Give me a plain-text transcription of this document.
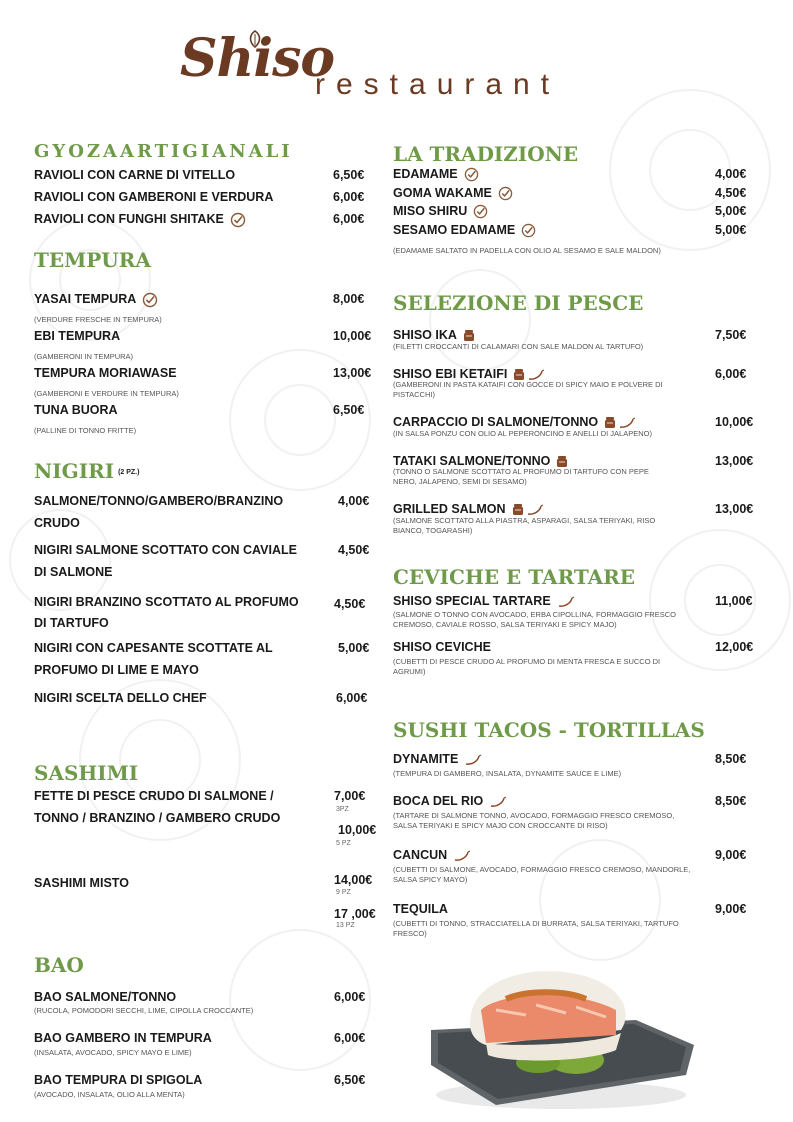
Shiso
restaurant
GYOZAARTIGIANALI
RAVIOLI CON CARNE DI VITELLO	6,50€
RAVIOLI CON GAMBERONI E VERDURA	6,00€
RAVIOLI CON FUNGHI SHITAKE	6,00€
TEMPURA
YASAI TEMPURA	8,00€
(VERDURE FRESCHE IN TEMPURA)
EBI TEMPURA	10,00€
(GAMBERONI IN TEMPURA)
TEMPURA MORIAWASE	13,00€
(GAMBERONI E VERDURE IN TEMPURA)
TUNA BUORA	6,50€
(PALLINE DI TONNO FRITTE)
NIGIRI (2 PZ.)
SALMONE/TONNO/GAMBERO/BRANZINO
CRUDO
4,00€
NIGIRI SALMONE SCOTTATO CON CAVIALE
DI SALMONE
4,50€
NIGIRI BRANZINO SCOTTATO AL PROFUMO
DI TARTUFO
4,50€
NIGIRI CON CAPESANTE SCOTTATE AL
PROFUMO DI LIME E MAYO
5,00€
NIGIRI SCELTA DELLO CHEF	6,00€
SASHIMI
FETTE DI PESCE CRUDO DI SALMONE /
TONNO / BRANZINO / GAMBERO CRUDO
7,00€
3PZ
10,00€
5 PZ
SASHIMI MISTO	14,00€
9 PZ
17 ,00€
13 PZ
BAO
BAO SALMONE/TONNO	6,00€
(RUCOLA, POMODORI SECCHI, LIME, CIPOLLA CROCCANTE)
BAO GAMBERO IN TEMPURA	6,00€
(INSALATA, AVOCADO, SPICY MAYO E LIME)
BAO TEMPURA DI SPIGOLA	6,50€
(AVOCADO, INSALATA, OLIO ALLA MENTA)
LA TRADIZIONE
EDAMAME	4,00€
GOMA WAKAME	4,50€
MISO SHIRU	5,00€
SESAMO EDAMAME	5,00€
(EDAMAME SALTATO IN PADELLA CON OLIO AL SESAMO E SALE MALDON)
SELEZIONE DI PESCE
SHISO IKA	7,50€
(FILETTI CROCCANTI DI CALAMARI CON SALE MALDON AL TARTUFO)
SHISO EBI KETAIFI	6,00€
(GAMBERONI IN PASTA KATAIFI CON GOCCE DI SPICY MAIO E POLVERE DI PISTACCHI)
CARPACCIO DI SALMONE/TONNO	10,00€
(IN SALSA PONZU CON OLIO AL PEPERONCINO E ANELLI DI JALAPENO)
TATAKI SALMONE/TONNO	13,00€
(TONNO O SALMONE SCOTTATO AL PROFUMO DI TARTUFO CON PEPE NERO, JALAPENO, SEMI DI SESAMO)
GRILLED SALMON	13,00€
(SALMONE SCOTTATO ALLA PIASTRA, ASPARAGI, SALSA TERIYAKI, RISO BIANCO, TOGARASHI)
CEVICHE E TARTARE
SHISO SPECIAL TARTARE	11,00€
(SALMONE O TONNO CON AVOCADO, ERBA CIPOLLINA, FORMAGGIO FRESCO CREMOSO, CAVIALE ROSSO, SALSA TERIYAKI E SPICY MAJO)
SHISO CEVICHE	12,00€
(CUBETTI DI PESCE CRUDO AL PROFUMO DI MENTA FRESCA E SUCCO DI AGRUMI)
SUSHI TACOS - TORTILLAS
DYNAMITE	8,50€
(TEMPURA DI GAMBERO, INSALATA, DYNAMITE SAUCE E LIME)
BOCA DEL RIO	8,50€
(TARTARE DI SALMONE TONNO, AVOCADO, FORMAGGIO FRESCO CREMOSO, SALSA TERIYAKI E SPICY MAJO CON CROCCANTE DI RISO)
CANCUN	9,00€
(CUBETTI DI SALMONE, AVOCADO, FORMAGGIO FRESCO CREMOSO, MANDORLE, SALSA SPICY MAYO)
TEQUILA	9,00€
(CUBETTI DI TONNO, STRACCIATELLA DI BURRATA, SALSA TERIYAKI, TARTUFO FRESCO)
